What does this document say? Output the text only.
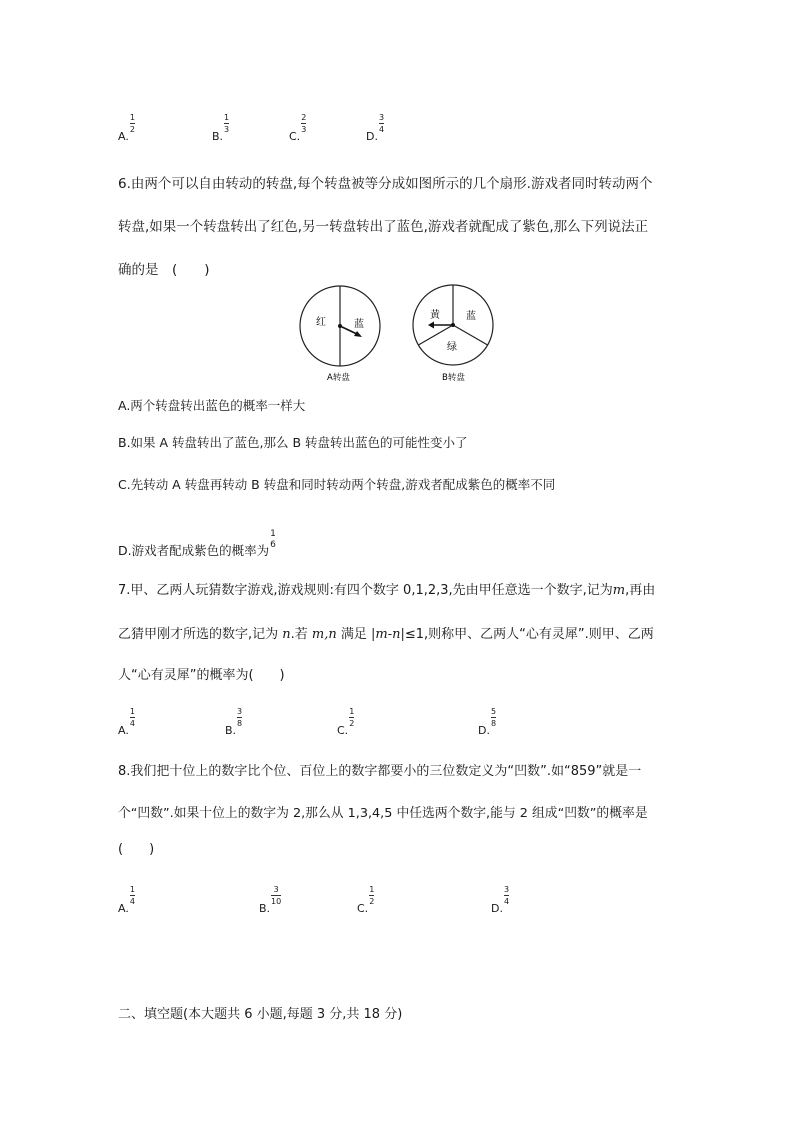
A.
$\frac{1}{2}$
B.
$\frac{1}{3}$
C.
$\frac{2}{3}$
D.
$\frac{3}{4}$
6.由两个可以自由转动的转盘,每个转盘被等分成如图所示的几个扇形.游戏者同时转动两个
转盘,如果一个转盘转出了红色,另一转盘转出了蓝色,游戏者就配成了紫色,那么下列说法正
确的是　(　　)
红	蓝
A转盘
黄	蓝
绿
B转盘
A.两个转盘转出蓝色的概率一样大
B.如果 A 转盘转出了蓝色,那么 B 转盘转出蓝色的可能性变小了
C.先转动 A 转盘再转动 B 转盘和同时转动两个转盘,游戏者配成紫色的概率不同
D.游戏者配成紫色的概率为
1
6
7.甲、乙两人玩猜数字游戏,游戏规则:有四个数字 0,1,2,3,先由甲任意选一个数字,记为m,再由
乙猜甲刚才所选的数字,记为 n.若 m,n 满足 |m-n|≤1,则称甲、乙两人“心有灵犀”.则甲、乙两
人“心有灵犀”的概率为(　　)
A.
$\frac{1}{4}$
B.
$\frac{3}{8}$
C.
$\frac{1}{2}$
D.
$\frac{5}{8}$
8.我们把十位上的数字比个位、百位上的数字都要小的三位数定义为“凹数”.如“859”就是一
个“凹数”.如果十位上的数字为 2,那么从 1,3,4,5 中任选两个数字,能与 2 组成“凹数”的概率是
(　　)
A.
$\frac{1}{4}$
B.
$\frac{3}{10}$
C.
$\frac{1}{2}$
D.
$\frac{3}{4}$
二、填空题(本大题共 6 小题,每题 3 分,共 18 分)
